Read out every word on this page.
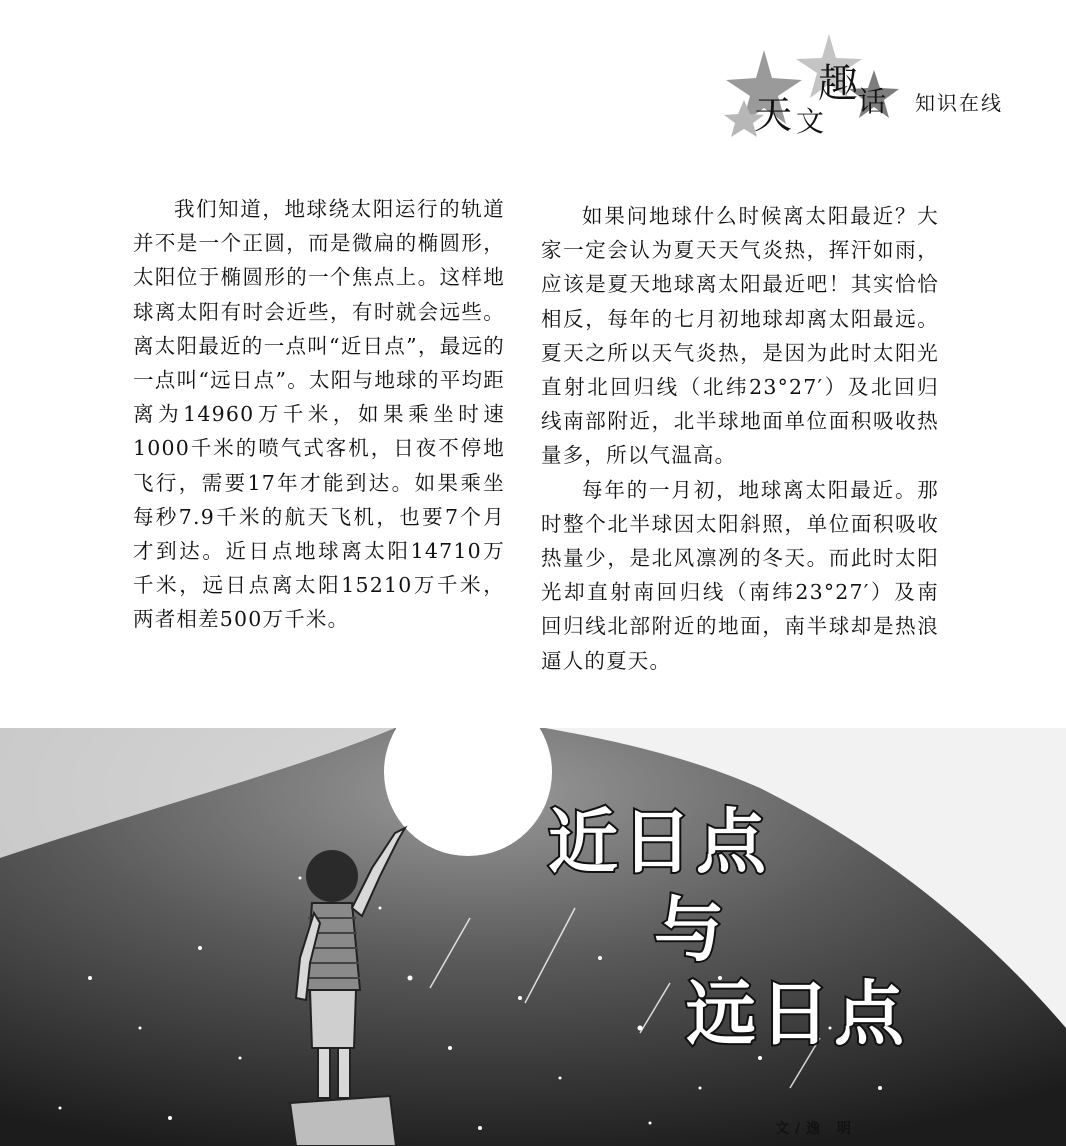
天 文
趣 话 知识在线

我们知道，地球绕太阳运行的轨道并不是一个正圆，而是微扁的椭圆形，太阳位于椭圆形的一个焦点上。这样地球离太阳有时会近些，有时就会远些。离太阳最近的一点叫“近日点”，最远的一点叫“远日点”。太阳与地球的平均距离为14960万千米，如果乘坐时速1000千米的喷气式客机，日夜不停地飞行，需要17年才能到达。如果乘坐每秒7.9千米的航天飞机，也要7个月才到达。近日点地球离太阳14710万千米，远日点离太阳15210万千米，两者相差500万千米。

如果问地球什么时候离太阳最近？大家一定会认为夏天天气炎热，挥汗如雨，应该是夏天地球离太阳最近吧！其实恰恰相反，每年的七月初地球却离太阳最远。夏天之所以天气炎热，是因为此时太阳光直射北回归线（北纬23°27′）及北回归线南部附近，北半球地面单位面积吸收热量多，所以气温高。

每年的一月初，地球离太阳最近。那时整个北半球因太阳斜照，单位面积吸收热量少，是北风凛冽的冬天。而此时太阳光却直射南回归线（南纬23°27′）及南回归线北部附近的地面，南半球却是热浪逼人的夏天。

近日点
与
远日点
文/逸 明
